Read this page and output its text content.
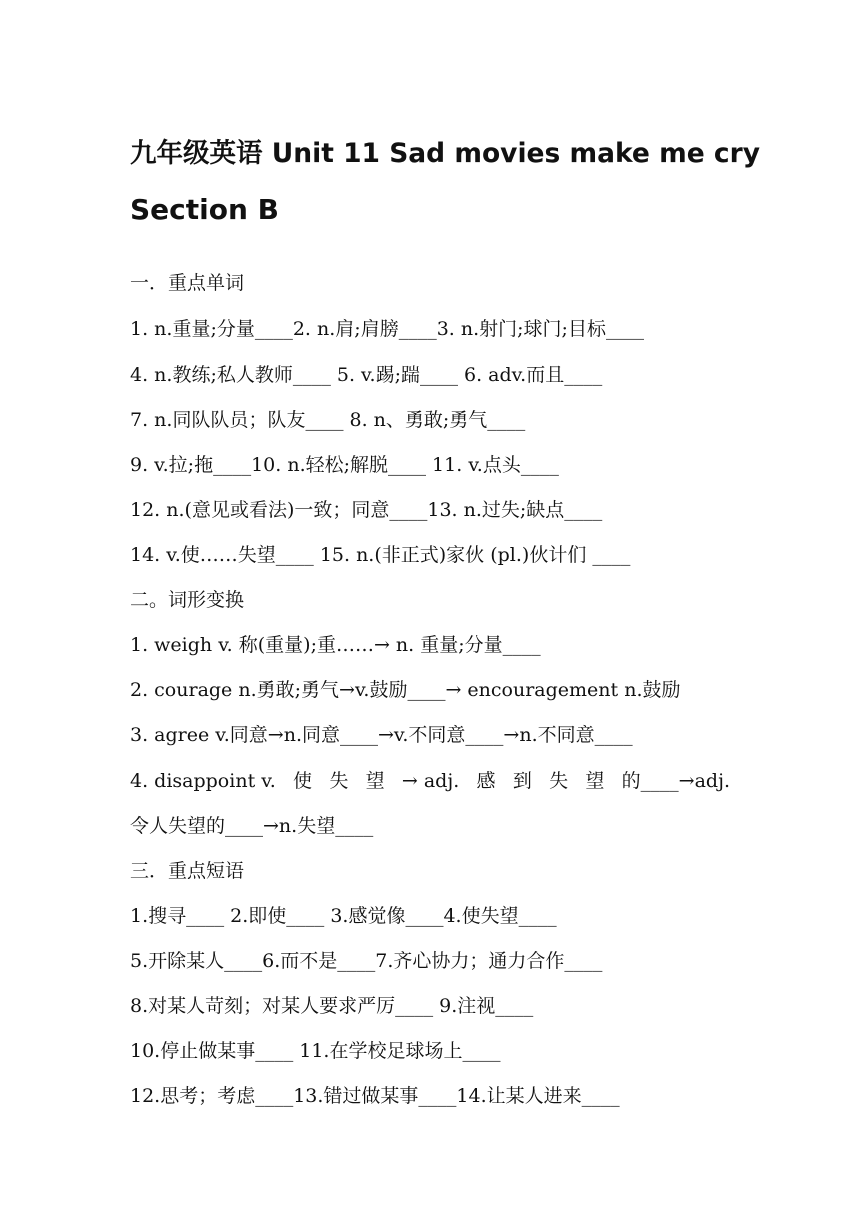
九年级英语 Unit 11 Sad movies make me cry
Section B
一．重点单词
1. n.重量;分量____2. n.肩;肩膀____3. n.射门;球门;目标____
4. n.教练;私人教师____ 5. v.踢;踹____ 6. adv.而且____
7. n.同队队员；队友____ 8. n、勇敢;勇气____
9. v.拉;拖____10. n.轻松;解脱____ 11. v.点头____
12. n.(意见或看法)一致；同意____13. n.过失;缺点____
14. v.使……失望____ 15. n.(非正式)家伙 (pl.)伙计们 ____
二。词形变换
1. weigh v. 称(重量);重……→ n. 重量;分量____
2. courage n.勇敢;勇气→v.鼓励____→ encouragement n.鼓励
3. agree v.同意→n.同意____→v.不同意____→n.不同意____
4. disappoint v. 使 失 望 → adj. 感 到 失 望 的____→adj.
令人失望的____→n.失望____
三．重点短语
1.搜寻____ 2.即使____ 3.感觉像____4.使失望____
5.开除某人____6.而不是____7.齐心协力；通力合作____
8.对某人苛刻；对某人要求严厉____ 9.注视____
10.停止做某事____ 11.在学校足球场上____
12.思考；考虑____13.错过做某事____14.让某人进来____
